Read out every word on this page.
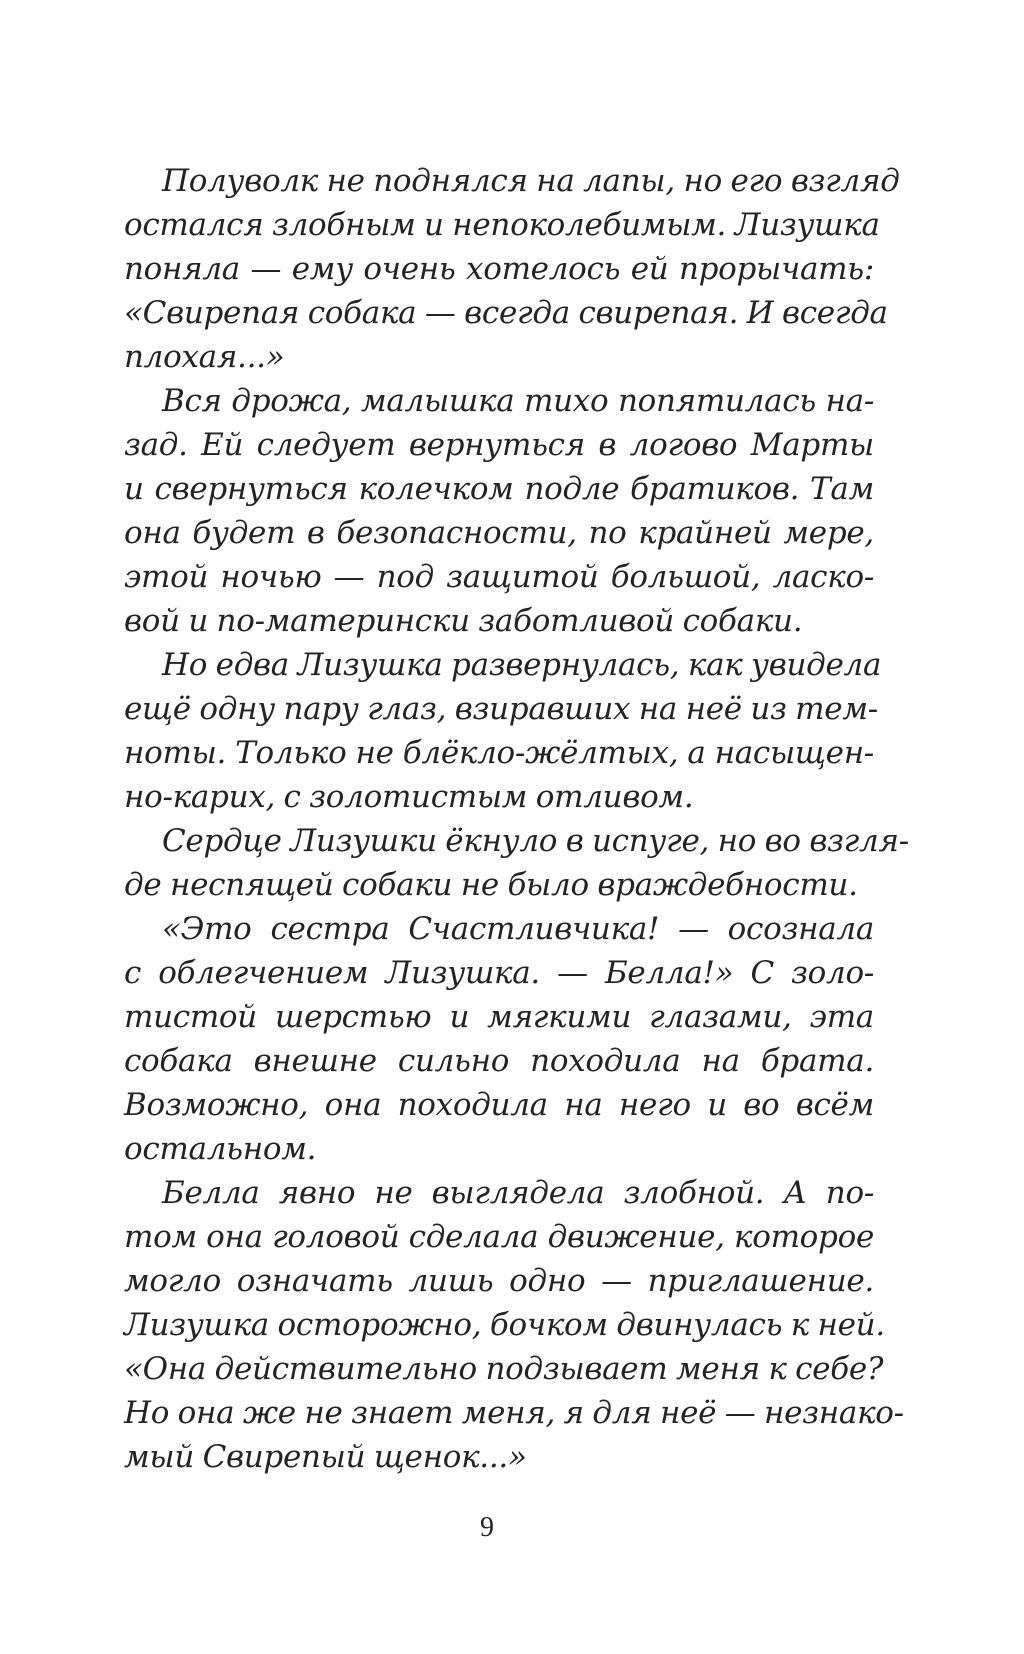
Полуволк не поднялся на лапы, но его взгляд
остался злобным и непоколебимым. Лизушка
поняла — ему очень хотелось ей прорычать:
«Свирепая собака — всегда свирепая. И всегда
плохая...»
Вся дрожа, малышка тихо попятилась на-
зад. Ей следует вернуться в логово Марты
и свернуться колечком подле братиков. Там
она будет в безопасности, по крайней мере,
этой ночью — под защитой большой, ласко-
вой и по-матерински заботливой собаки.
Но едва Лизушка развернулась, как увидела
ещё одну пару глаз, взиравших на неё из тем-
ноты. Только не блёкло-жёлтых, а насыщен-
но-карих, с золотистым отливом.
Сердце Лизушки ёкнуло в испуге, но во взгля-
де неспящей собаки не было враждебности.
«Это сестра Счастливчика! — осознала
с облегчением Лизушка. — Белла!» С золо-
тистой шерстью и мягкими глазами, эта
собака внешне сильно походила на брата.
Возможно, она походила на него и во всём
остальном.
Белла явно не выглядела злобной. А по-
том она головой сделала движение, которое
могло означать лишь одно — приглашение.
Лизушка осторожно, бочком двинулась к ней.
«Она действительно подзывает меня к себе?
Но она же не знает меня, я для неё — незнако-
мый Свирепый щенок...»
9
